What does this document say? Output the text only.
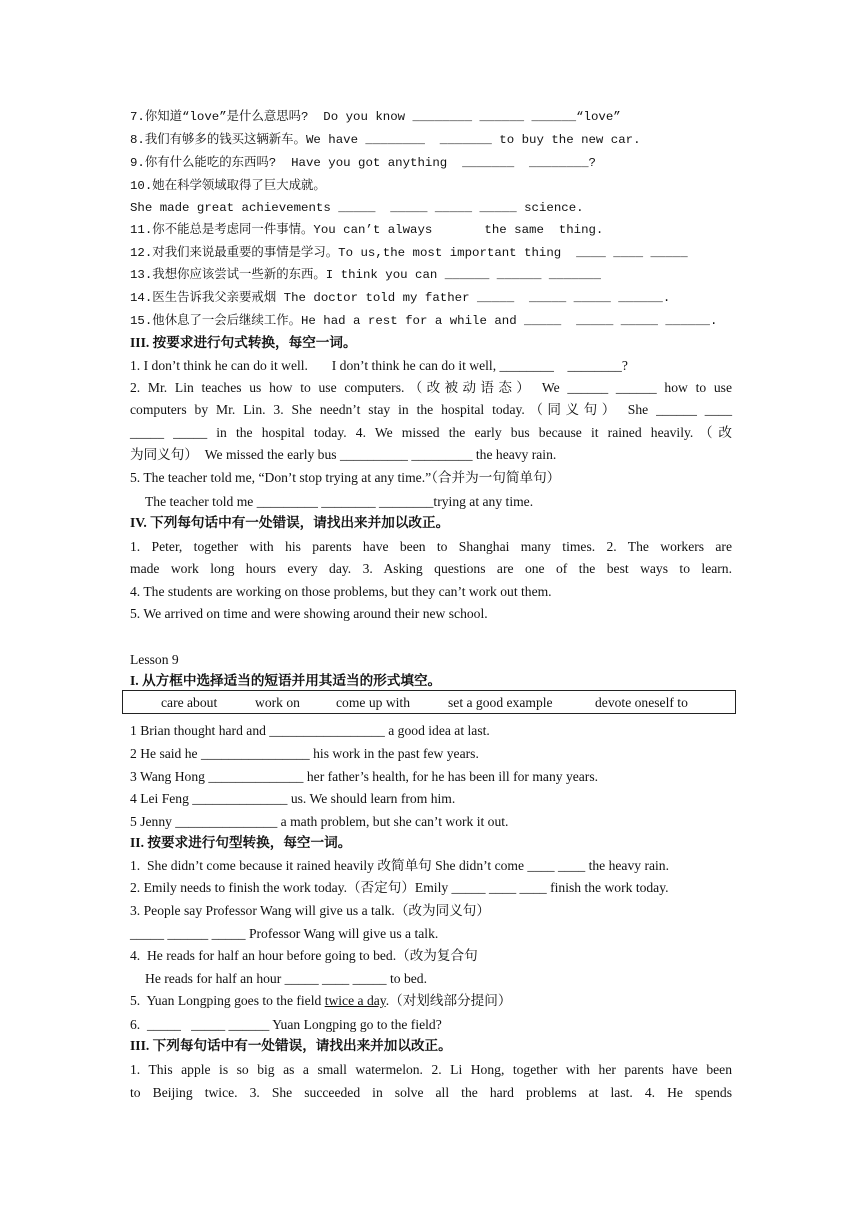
7.你知道“love”是什么意思吗?  Do you know ________ ______ ______“love”
8.我们有够多的钱买这辆新车。We have ________  _______ to buy the new car.
9.你有什么能吃的东西吗?  Have you got anything  _______  ________?
10.她在科学领域取得了巨大成就。
She made great achievements _____  _____ _____ _____ science.
11.你不能总是考虑同一件事情。You can’t always       the same  thing.
12.对我们来说最重要的事情是学习。To us,the most important thing  ____ ____ _____
13.我想你应该尝试一些新的东西。I think you can ______ ______ _______
14.医生告诉我父亲要戒烟 The doctor told my father _____  _____ _____ ______.
15.他休息了一会后继续工作。He had a rest for a while and _____  _____ _____ ______.
III. 按要求进行句式转换，每空一词。
1. I don’t think he can do it well.       I don’t think he can do it well, ________    ________?
2. Mr. Lin teaches us how to use computers.（改被动语态） We ______ ______ how to use
computers by Mr. Lin. 3. She needn’t stay in the hospital today.（同义句） She ______ ____
_____ _____ in the hospital today. 4. We missed the early bus because it rained heavily.（改
为同义句）  We missed the early bus __________ _________ the heavy rain.
5. The teacher told me, “Don’t stop trying at any time.”（合并为一句简单句）
The teacher told me _________ ________ ________trying at any time.
IV. 下列每句话中有一处错误，请找出来并加以改正。
1. Peter, together with his parents have been to Shanghai many times. 2. The workers are
made work long hours every day. 3. Asking questions are one of the best ways to learn.
4. The students are working on those problems, but they can’t work out them.
5. We arrived on time and were showing around their new school.
Lesson 9
I. 从方框中选择适当的短语并用其适当的形式填空。
care about	work on	come up with	set a good example	devote oneself to
1 Brian thought hard and _________________ a good idea at last.
2 He said he ________________ his work in the past few years.
3 Wang Hong ______________ her father’s health, for he has been ill for many years.
4 Lei Feng ______________ us. We should learn from him.
5 Jenny _______________ a math problem, but she can’t work it out.
II. 按要求进行句型转换，每空一词。
1.  She didn’t come because it rained heavily 改简单句 She didn’t come ____ ____ the heavy rain.
2. Emily needs to finish the work today.（否定句）Emily _____ ____ ____ finish the work today.
3. People say Professor Wang will give us a talk.（改为同义句）
_____ ______ _____ Professor Wang will give us a talk.
4.  He reads for half an hour before going to bed.（改为复合句
He reads for half an hour _____ ____ _____ to bed.
5.  Yuan Longping goes to the field twice a day.（对划线部分提问）
6.  _____   _____ ______ Yuan Longping go to the field?
III. 下列每句话中有一处错误，请找出来并加以改正。
1. This apple is so big as a small watermelon. 2. Li Hong, together with her parents have been
to Beijing twice. 3. She succeeded in solve all the hard problems at last. 4. He spends
